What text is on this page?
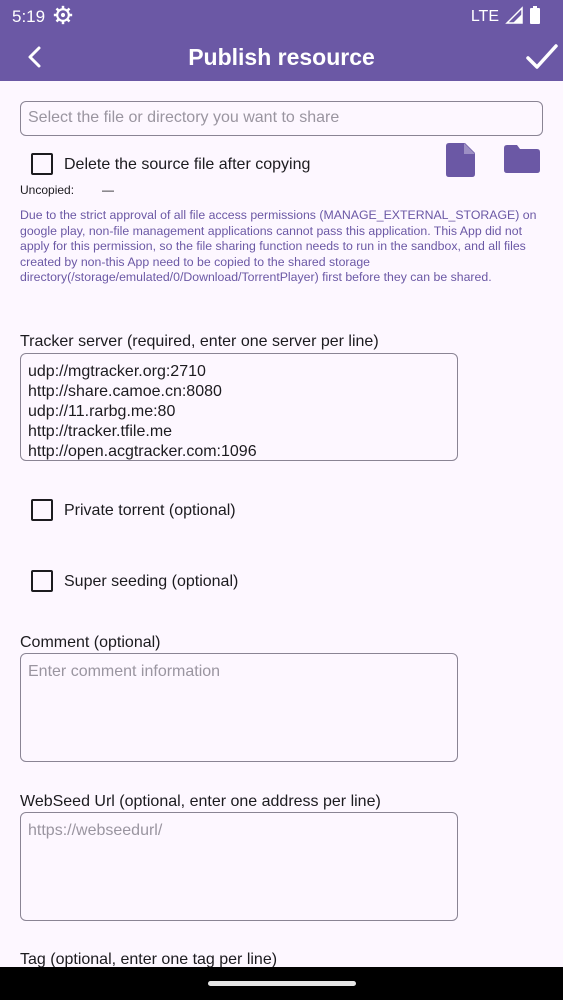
5:19	LTE
Publish resource
Select the file or directory you want to share
Delete the source file after copying
Uncopied: —
Due to the strict approval of all file access permissions (MANAGE_EXTERNAL_STORAGE) on google play, non-file management applications cannot pass this application. This App did not apply for this permission, so the file sharing function needs to run in the sandbox, and all files created by non-this App need to be copied to the shared storage directory(/storage/emulated/0/Download/TorrentPlayer) first before they can be shared.
Tracker server (required, enter one server per line)
udp://mgtracker.org:2710
http://share.camoe.cn:8080
udp://11.rarbg.me:80
http://tracker.tfile.me
http://open.acgtracker.com:1096
Private torrent (optional)
Super seeding (optional)
Comment (optional)
Enter comment information
WebSeed Url (optional, enter one address per line)
https://webseedurl/
Tag (optional, enter one tag per line)
